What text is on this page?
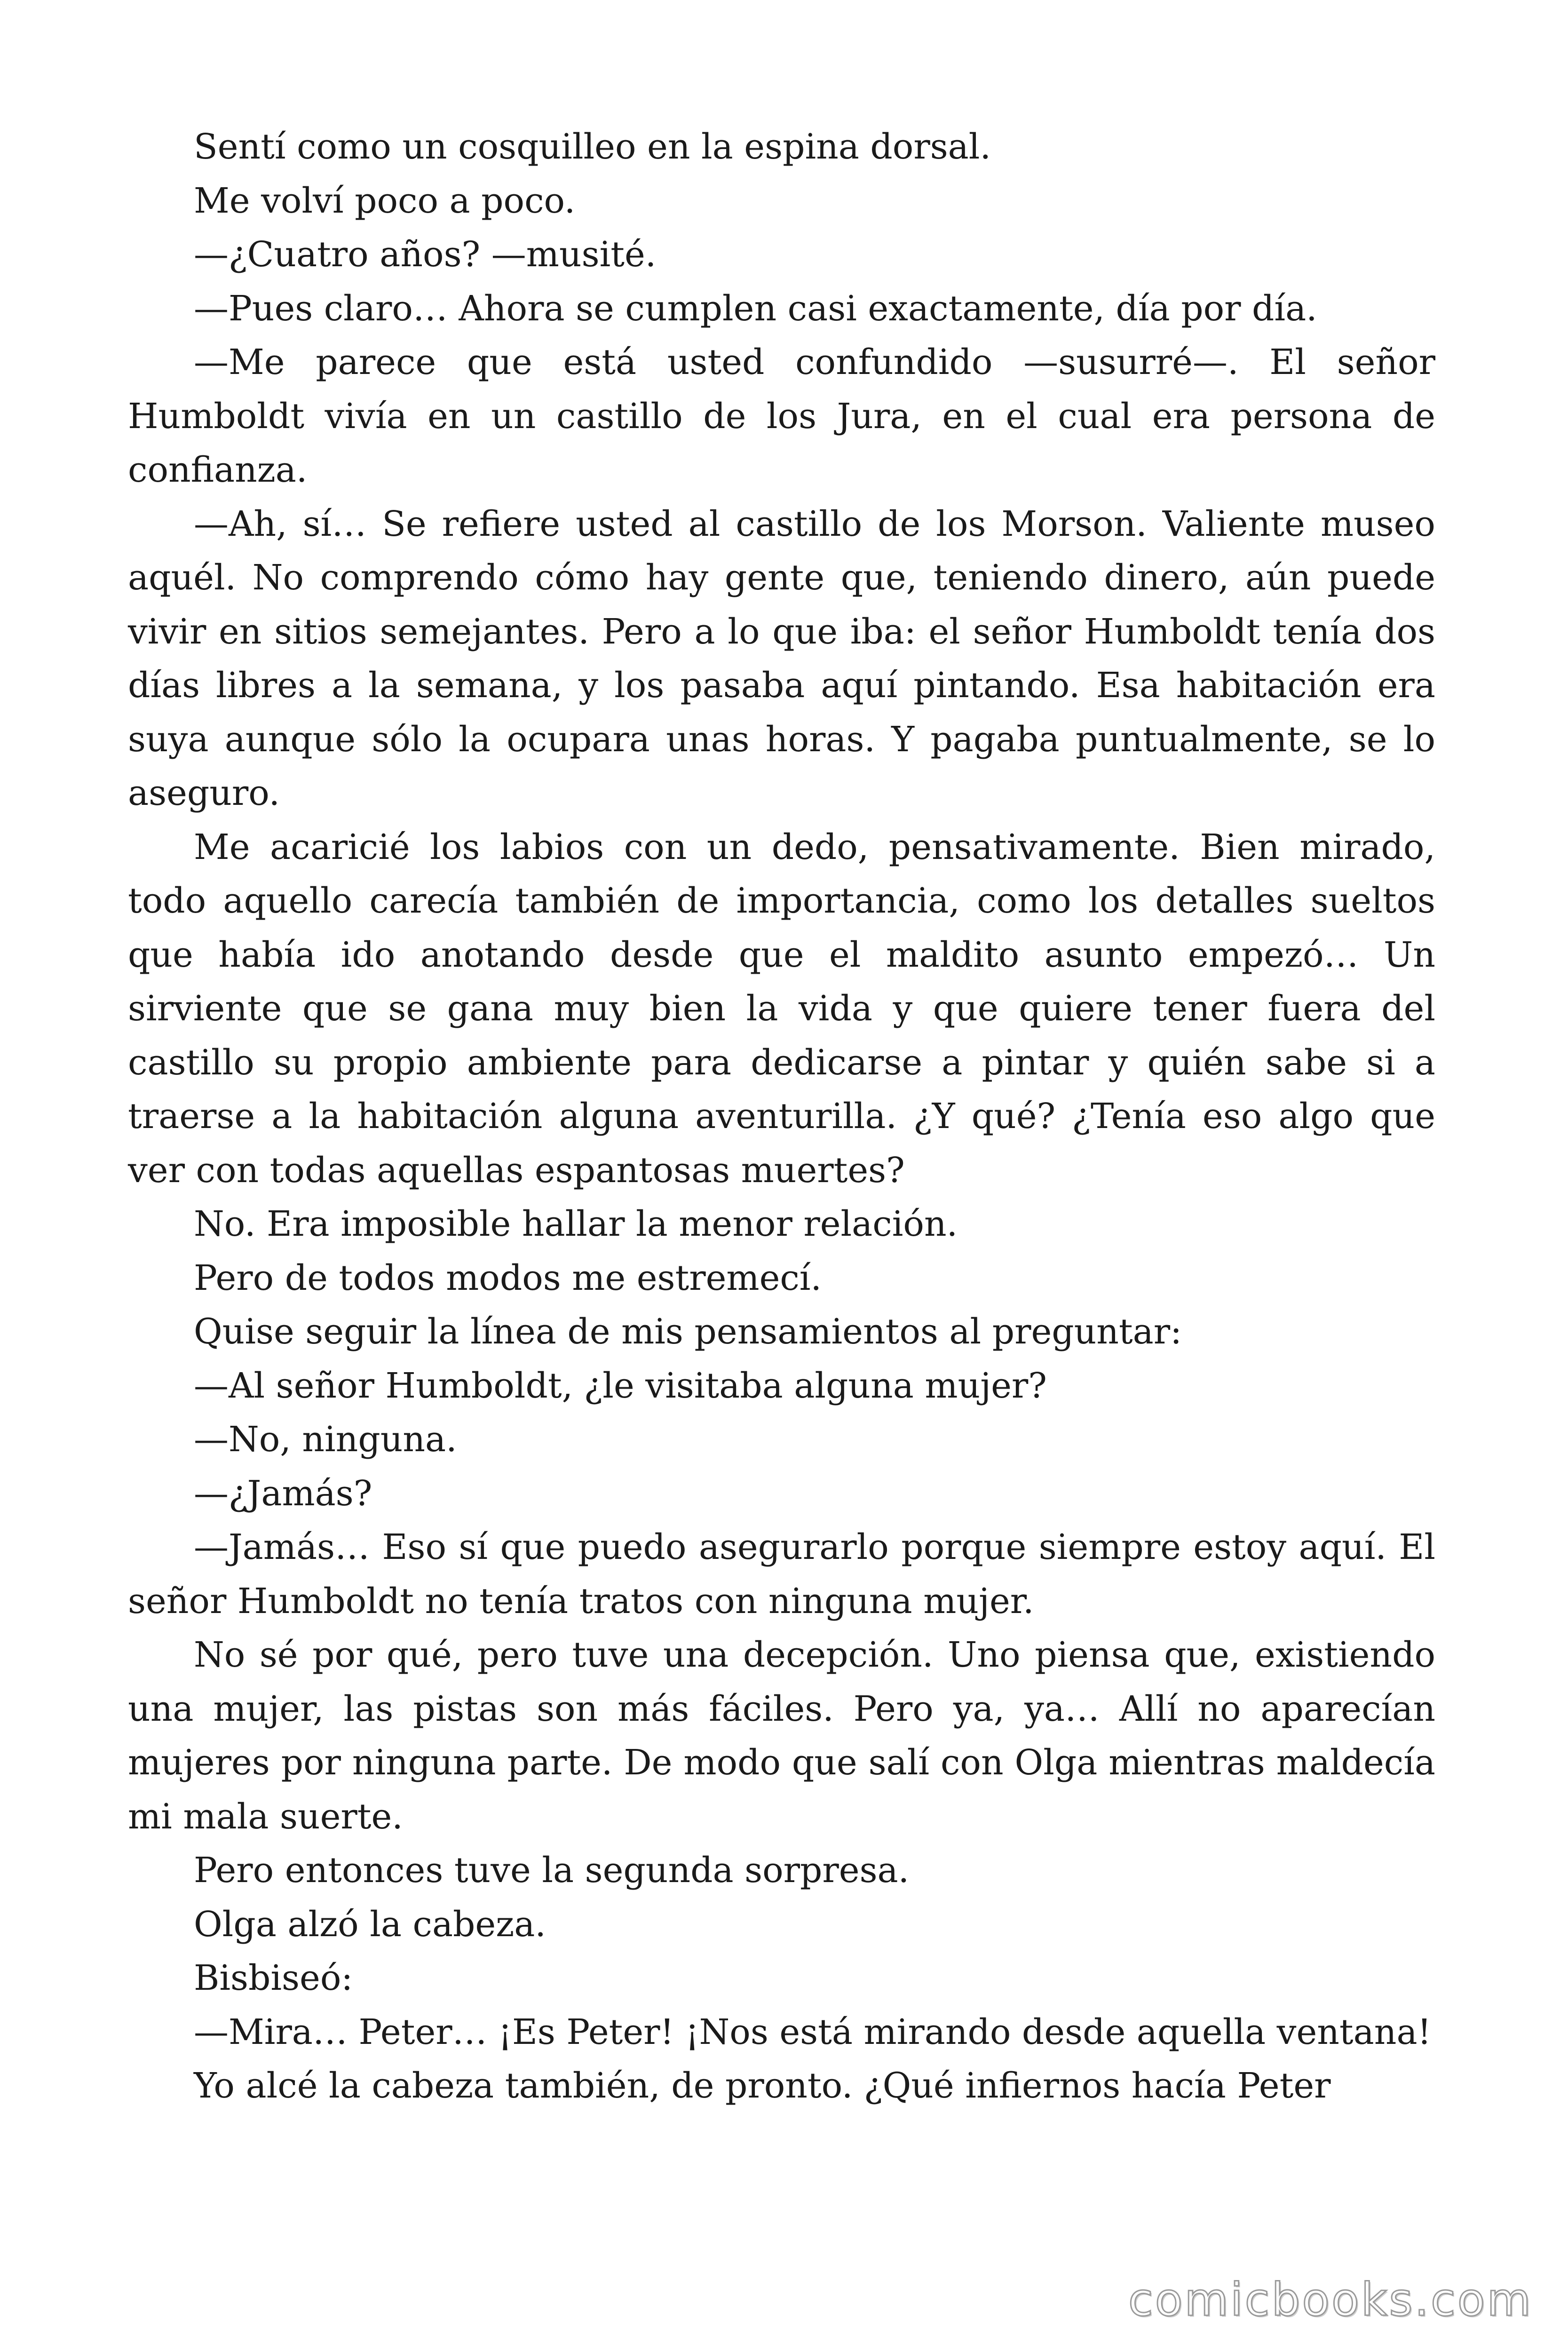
Sentí como un cosquilleo en la espina dorsal.

Me volví poco a poco.

—¿Cuatro años? —musité.

—Pues claro… Ahora se cumplen casi exactamente, día por día.

—Me parece que está usted confundido —susurré—. El señor Humboldt vivía en un castillo de los Jura, en el cual era persona de confianza.

—Ah, sí… Se refiere usted al castillo de los Morson. Valiente museo aquél. No comprendo cómo hay gente que, teniendo dinero, aún puede vivir en sitios semejantes. Pero a lo que iba: el señor Humboldt tenía dos días libres a la semana, y los pasaba aquí pintando. Esa habitación era suya aunque sólo la ocupara unas horas. Y pagaba puntualmente, se lo aseguro.

Me acaricié los labios con un dedo, pensativamente. Bien mirado, todo aquello carecía también de importancia, como los detalles sueltos que había ido anotando desde que el maldito asunto empezó… Un sirviente que se gana muy bien la vida y que quiere tener fuera del castillo su propio ambiente para dedicarse a pintar y quién sabe si a traerse a la habitación alguna aventurilla. ¿Y qué? ¿Tenía eso algo que ver con todas aquellas espantosas muertes?

No. Era imposible hallar la menor relación.

Pero de todos modos me estremecí.

Quise seguir la línea de mis pensamientos al preguntar:

—Al señor Humboldt, ¿le visitaba alguna mujer?

—No, ninguna.

—¿Jamás?

—Jamás… Eso sí que puedo asegurarlo porque siempre estoy aquí. El señor Humboldt no tenía tratos con ninguna mujer.

No sé por qué, pero tuve una decepción. Uno piensa que, existiendo una mujer, las pistas son más fáciles. Pero ya, ya… Allí no aparecían mujeres por ninguna parte. De modo que salí con Olga mientras maldecía mi mala suerte.

Pero entonces tuve la segunda sorpresa.

Olga alzó la cabeza.

Bisbiseó:

—Mira… Peter… ¡Es Peter! ¡Nos está mirando desde aquella ventana!

Yo alcé la cabeza también, de pronto. ¿Qué infiernos hacía Peter

comicbooks.com
